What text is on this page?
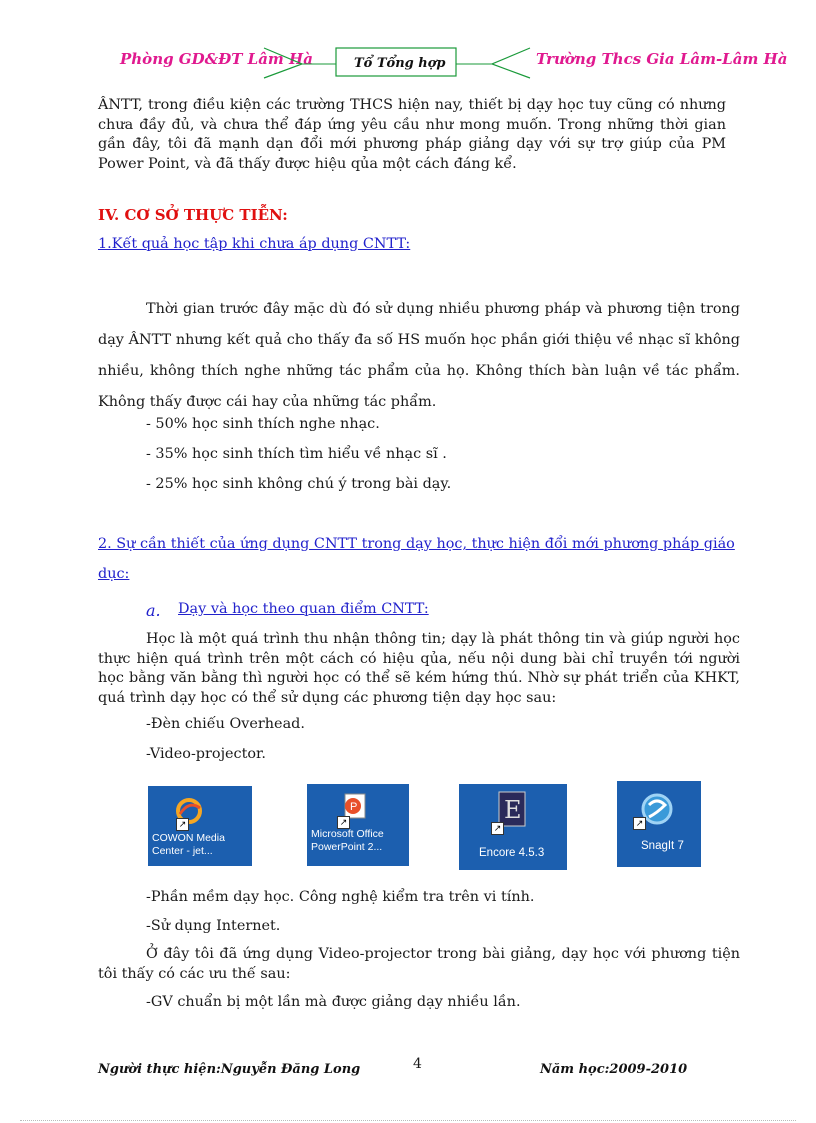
Phòng GD&ĐT Lâm Hà	Tổ Tổng hợp	Trường Thcs Gia Lâm-Lâm Hà
ÂNTT, trong điều kiện các trường THCS hiện nay, thiết bị dạy học tuy cũng có nhưng chưa đầy đủ, và chưa thể đáp ứng yêu cầu như mong muốn. Trong những thời gian gần đây, tôi đã mạnh dạn đổi mới phương pháp giảng dạy với sự trợ giúp của PM Power Point, và đã thấy được hiệu qủa một cách đáng kể.
IV. CƠ SỞ THỰC TIỄN:
1.Kết quả học tập khi chưa áp dụng CNTT:
Thời gian trước đây mặc dù đó sử dụng nhiều phương pháp và phương tiện trong dạy ÂNTT nhưng kết quả cho thấy đa số HS muốn học phần giới thiệu về nhạc sĩ không nhiều, không thích nghe những tác phẩm của họ. Không thích bàn luận về tác phẩm. Không thấy được cái hay của những tác phẩm.
- 50% học sinh thích nghe nhạc.
- 35% học sinh thích tìm hiểu về nhạc sĩ .
- 25% học sinh không chú ý trong bài dạy.
2. Sự cần thiết của ứng dụng CNTT trong dạy học, thực hiện đổi mới phương pháp giáo
dục:
a. Dạy và học theo quan điểm CNTT:
Học là một quá trình thu nhận thông tin; dạy là phát thông tin và giúp người học thực hiện quá trình trên một cách có hiệu qủa, nếu nội dung bài chỉ truyền tới người học bằng văn bằng thì người học có thể sẽ kém hứng thú. Nhờ sự phát triển của KHKT, quá trình dạy học có thể sử dụng các phương tiện dạy học sau:
-Đèn chiếu Overhead.
-Video-projector.
↗
COWON Media
Center - jet...
P
↗
Microsoft Office
PowerPoint 2...
E
↗
Encore 4.5.3
↗
SnagIt 7
-Phần mềm dạy học. Công nghệ kiểm tra trên vi tính.
-Sử dụng Internet.
Ở đây tôi đã ứng dụng Video-projector trong bài giảng, dạy học với phương tiện tôi thấy có các ưu thế sau:
-GV chuẩn bị một lần mà được giảng dạy nhiều lần.
Người thực hiện:Nguyễn Đăng Long	4	Năm học:2009-2010
